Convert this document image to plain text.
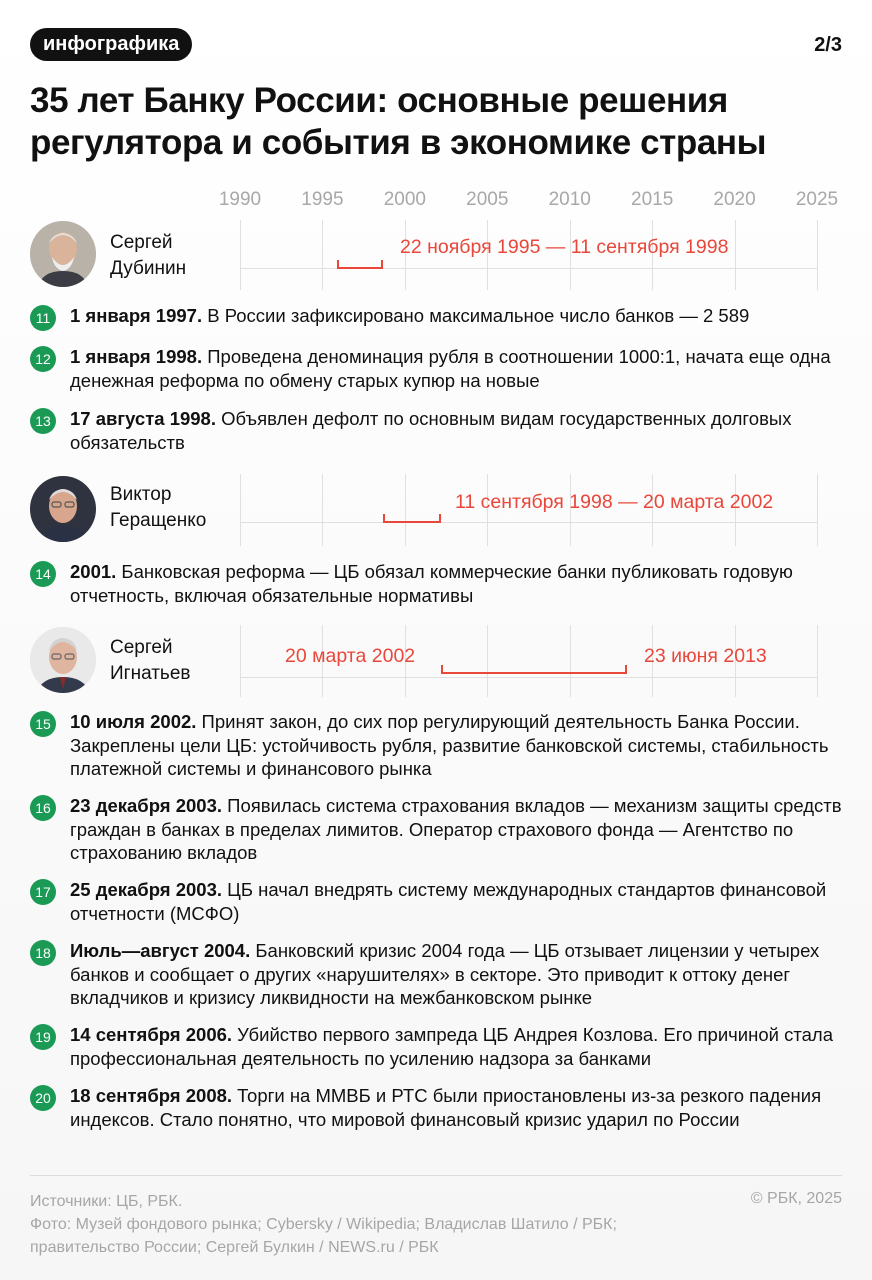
инфографика	2/3
35 лет Банку России: основные решения регулятора и события в экономике страны
1990 1995 2000 2005 2010 2015 2020 2025
Сергей
Дубинин
22 ноября 1995 — 11 сентября 1998
11	1 января 1997. В России зафиксировано максимальное число банков — 2 589
12 1 января 1998. Проведена деноминация рубля в соотношении 1000:1, начата еще одна денежная реформа по обмену старых купюр на новые
13 17 августа 1998. Объявлен дефолт по основным видам государственных долговых обязательств
Виктор
Геращенко
11 сентября 1998 — 20 марта 2002
14 2001. Банковская реформа — ЦБ обязал коммерческие банки публиковать годовую отчетность, включая обязательные нормативы
Сергей
Игнатьев
20 марта 2002	23 июня 2013
15 10 июля 2002. Принят закон, до сих пор регулирующий деятельность Банка России. Закреплены цели ЦБ: устойчивость рубля, развитие банковской системы, стабильность платежной системы и финансового рынка
16 23 декабря 2003. Появилась система страхования вкладов — механизм защиты средств граждан в банках в пределах лимитов. Оператор страхового фонда — Агентство по страхованию вкладов
17 25 декабря 2003. ЦБ начал внедрять систему международных стандартов финансовой отчетности (МСФО)
18 Июль—август 2004. Банковский кризис 2004 года — ЦБ отзывает лицензии у четырех банков и сообщает о других «нарушителях» в секторе. Это приводит к оттоку денег вкладчиков и кризису ликвидности на межбанковском рынке
19 14 сентября 2006. Убийство первого зампреда ЦБ Андрея Козлова. Его причиной стала профессиональная деятельность по усилению надзора за банками
20 18 сентября 2008. Торги на ММВБ и РТС были приостановлены из-за резкого падения индексов. Стало понятно, что мировой финансовый кризис ударил по России
Источники: ЦБ, РБК.
Фото: Музей фондового рынка; Cybersky / Wikipedia; Владислав Шатило / РБК; правительство России; Сергей Булкин / NEWS.ru / РБК
© РБК, 2025
